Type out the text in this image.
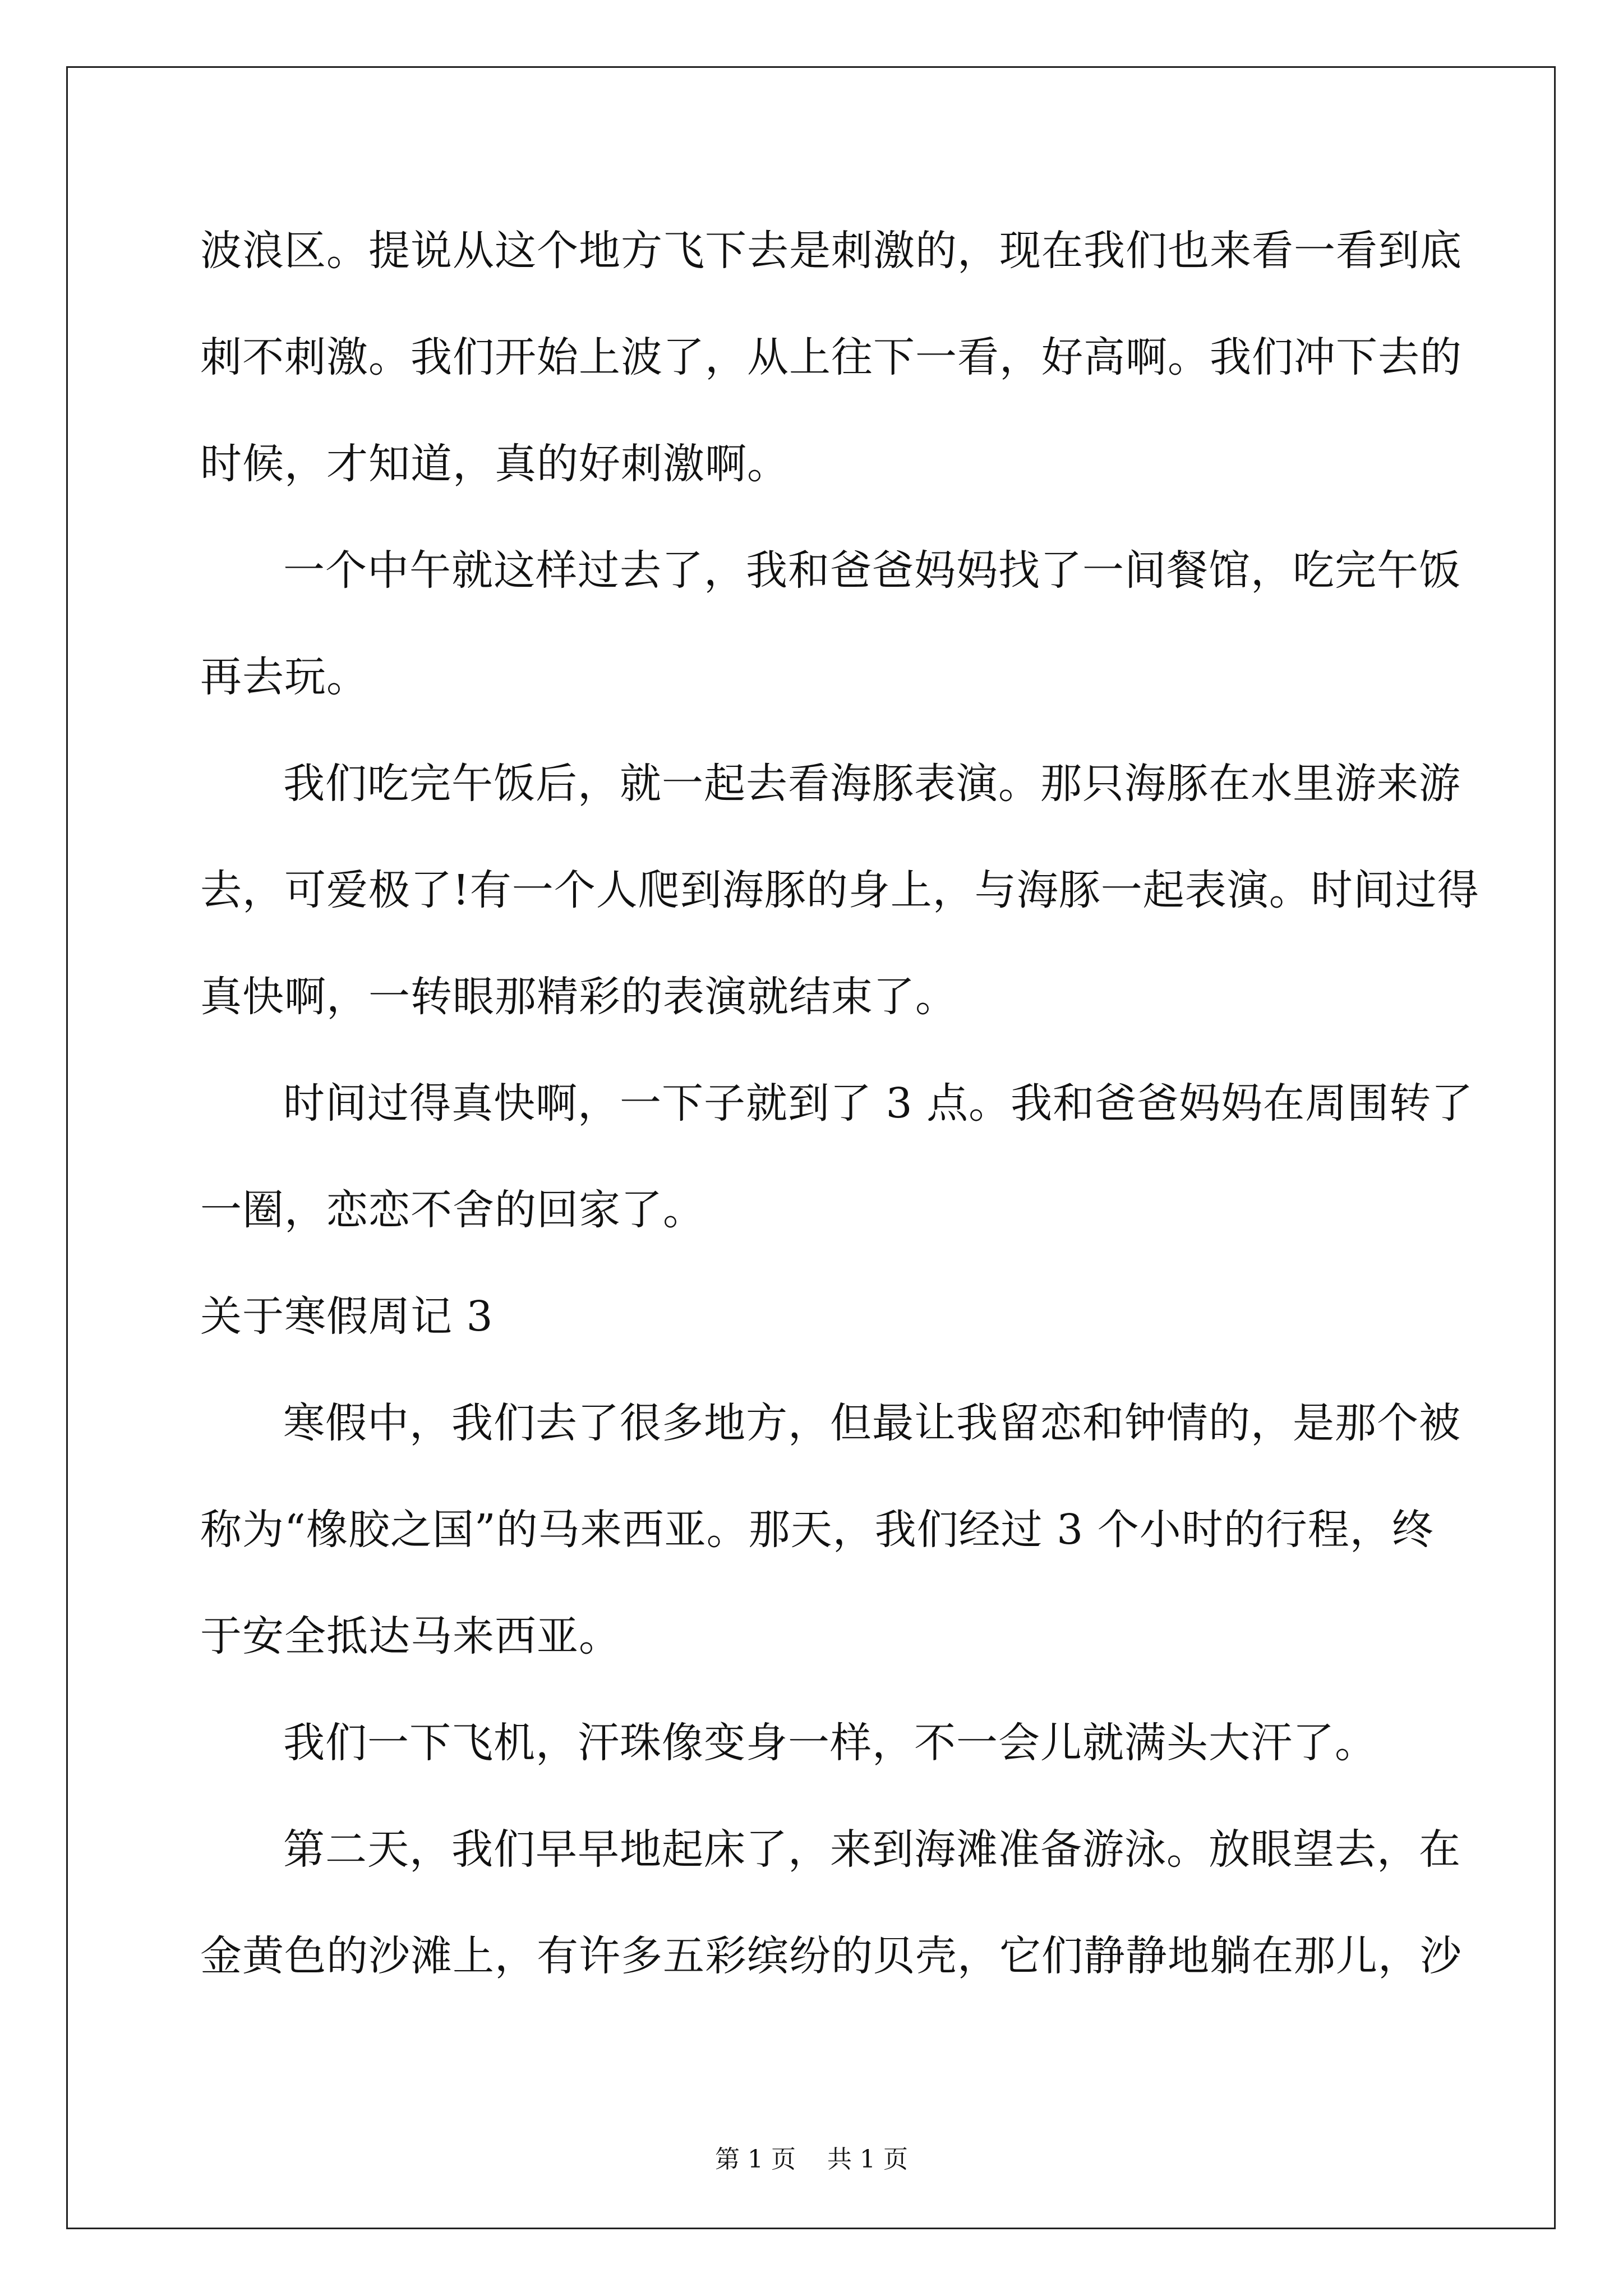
波浪区。提说从这个地方飞下去是刺激的，现在我们也来看一看到底
刺不刺激。我们开始上波了，从上往下一看，好高啊。我们冲下去的
时候，才知道，真的好刺激啊。
一个中午就这样过去了，我和爸爸妈妈找了一间餐馆，吃完午饭
再去玩。
我们吃完午饭后，就一起去看海豚表演。那只海豚在水里游来游
去，可爱极了!有一个人爬到海豚的身上，与海豚一起表演。时间过得
真快啊，一转眼那精彩的表演就结束了。
时间过得真快啊，一下子就到了 3 点。我和爸爸妈妈在周围转了
一圈，恋恋不舍的回家了。
关于寒假周记 3
寒假中，我们去了很多地方，但最让我留恋和钟情的，是那个被
称为“橡胶之国”的马来西亚。那天，我们经过 3 个小时的行程，终
于安全抵达马来西亚。
我们一下飞机，汗珠像变身一样，不一会儿就满头大汗了。
第二天，我们早早地起床了，来到海滩准备游泳。放眼望去，在
金黄色的沙滩上，有许多五彩缤纷的贝壳，它们静静地躺在那儿，沙
第 1 页 共 1 页
